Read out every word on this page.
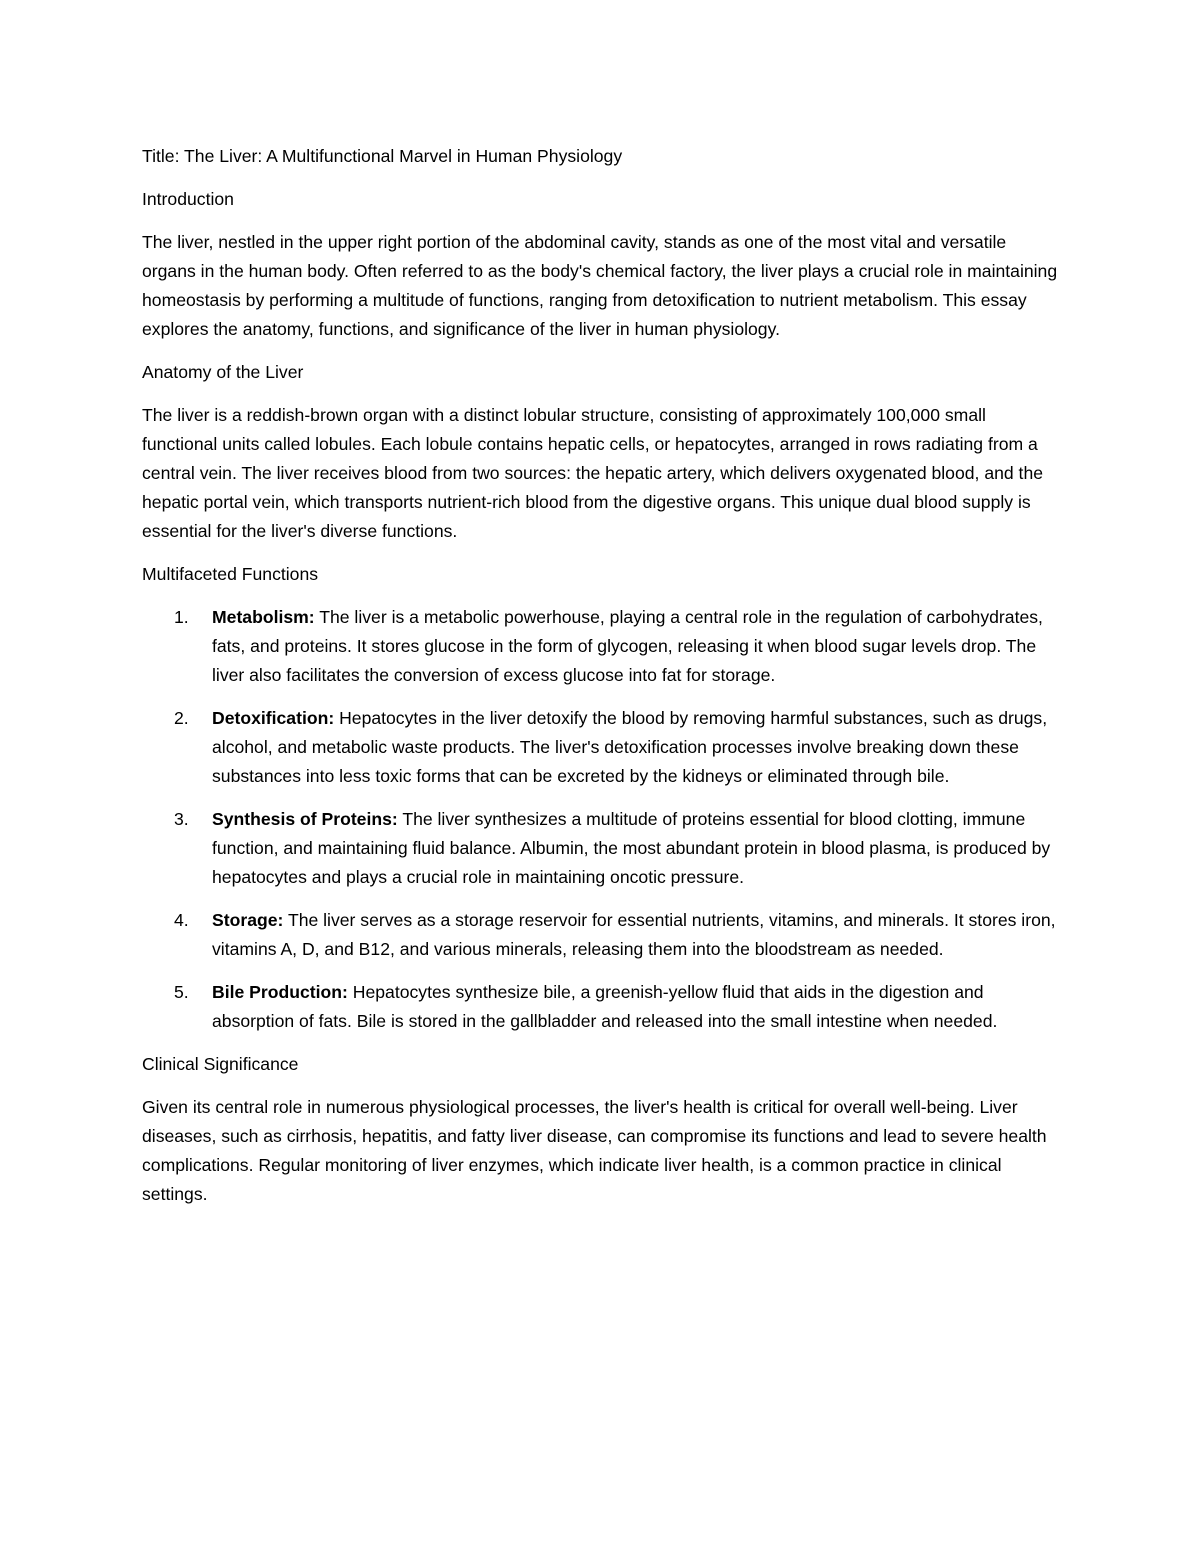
Title: The Liver: A Multifunctional Marvel in Human Physiology

Introduction

The liver, nestled in the upper right portion of the abdominal cavity, stands as one of the most vital and versatile organs in the human body. Often referred to as the body's chemical factory, the liver plays a crucial role in maintaining homeostasis by performing a multitude of functions, ranging from detoxification to nutrient metabolism. This essay explores the anatomy, functions, and significance of the liver in human physiology.

Anatomy of the Liver

The liver is a reddish-brown organ with a distinct lobular structure, consisting of approximately 100,000 small functional units called lobules. Each lobule contains hepatic cells, or hepatocytes, arranged in rows radiating from a central vein. The liver receives blood from two sources: the hepatic artery, which delivers oxygenated blood, and the hepatic portal vein, which transports nutrient-rich blood from the digestive organs. This unique dual blood supply is essential for the liver's diverse functions.

Multifaceted Functions

1. Metabolism: The liver is a metabolic powerhouse, playing a central role in the regulation of carbohydrates, fats, and proteins. It stores glucose in the form of glycogen, releasing it when blood sugar levels drop. The liver also facilitates the conversion of excess glucose into fat for storage.
2. Detoxification: Hepatocytes in the liver detoxify the blood by removing harmful substances, such as drugs, alcohol, and metabolic waste products. The liver's detoxification processes involve breaking down these substances into less toxic forms that can be excreted by the kidneys or eliminated through bile.
3. Synthesis of Proteins: The liver synthesizes a multitude of proteins essential for blood clotting, immune function, and maintaining fluid balance. Albumin, the most abundant protein in blood plasma, is produced by hepatocytes and plays a crucial role in maintaining oncotic pressure.
4. Storage: The liver serves as a storage reservoir for essential nutrients, vitamins, and minerals. It stores iron, vitamins A, D, and B12, and various minerals, releasing them into the bloodstream as needed.
5. Bile Production: Hepatocytes synthesize bile, a greenish-yellow fluid that aids in the digestion and absorption of fats. Bile is stored in the gallbladder and released into the small intestine when needed.

Clinical Significance

Given its central role in numerous physiological processes, the liver's health is critical for overall well-being. Liver diseases, such as cirrhosis, hepatitis, and fatty liver disease, can compromise its functions and lead to severe health complications. Regular monitoring of liver enzymes, which indicate liver health, is a common practice in clinical settings.
